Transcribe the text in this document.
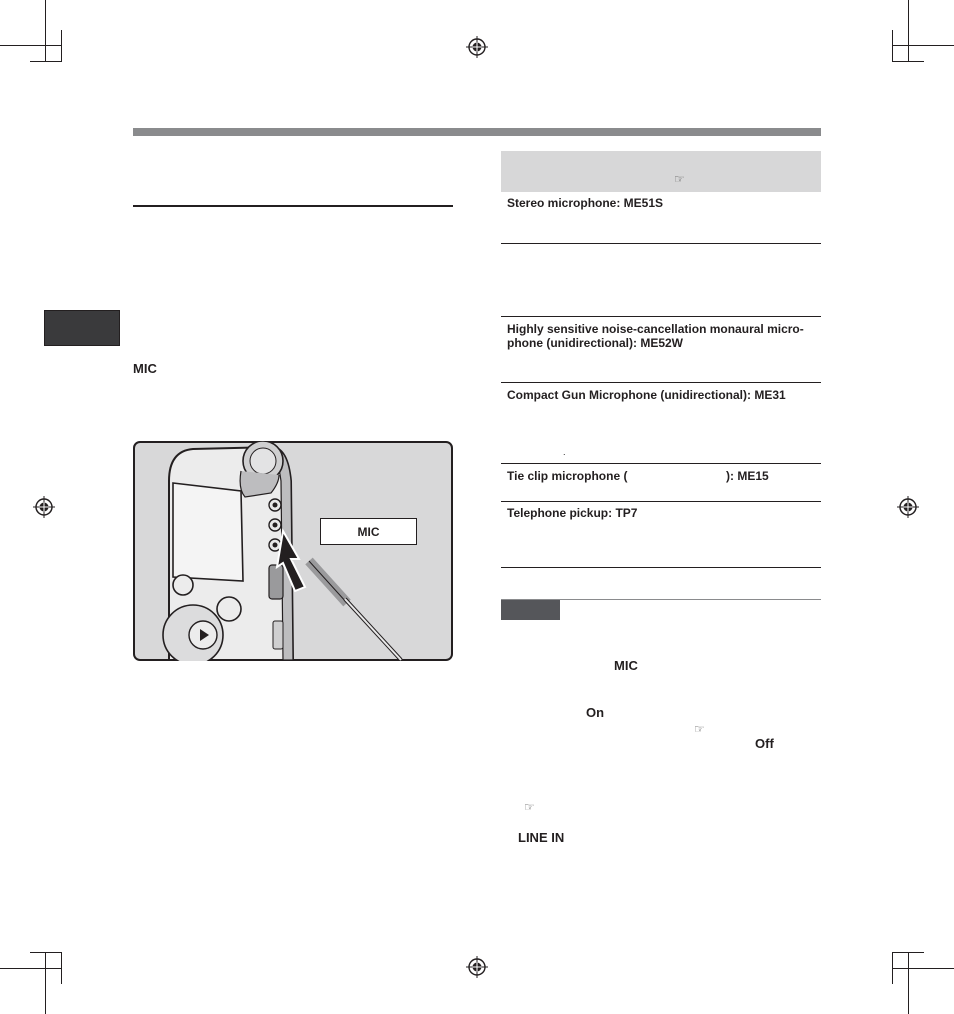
MIC
MIC
☞
Stereo microphone: ME51S
Highly sensitive noise-cancellation monaural micro-
phone (unidirectional): ME52W
Compact Gun Microphone (unidirectional): ME31
.
Tie clip microphone (	): ME15
Telephone pickup: TP7
MIC
On
☞
Off
☞
LINE IN
